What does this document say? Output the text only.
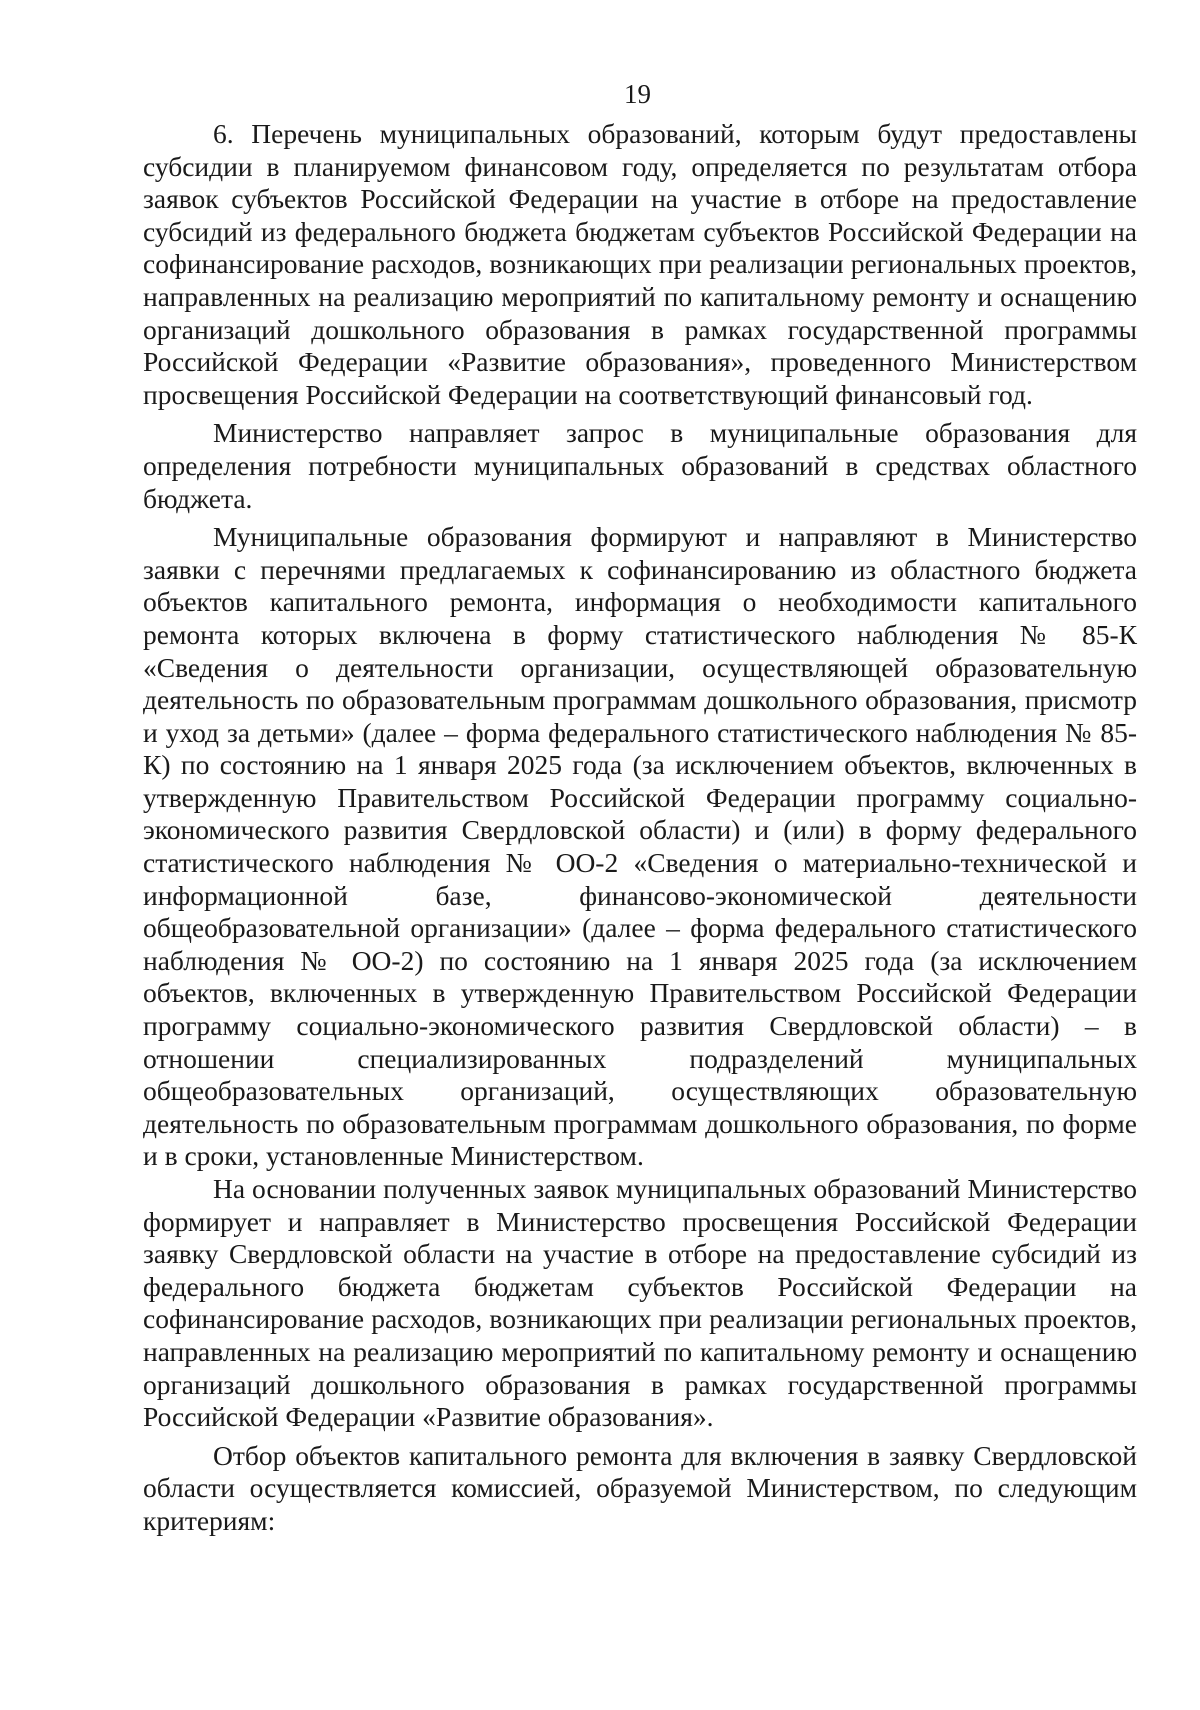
19

6. Перечень муниципальных образований, которым будут предоставлены субсидии в планируемом финансовом году, определяется по результатам отбора заявок субъектов Российской Федерации на участие в отборе на предоставление субсидий из федерального бюджета бюджетам субъектов Российской Федерации на софинансирование расходов, возникающих при реализации региональных проектов, направленных на реализацию мероприятий по капитальному ремонту и оснащению организаций дошкольного образования в рамках государственной программы Российской Федерации «Развитие образования», проведенного Министерством просвещения Российской Федерации на соответствующий финансовый год.

Министерство направляет запрос в муниципальные образования для определения потребности муниципальных образований в средствах областного бюджета.

Муниципальные образования формируют и направляют в Министерство заявки с перечнями предлагаемых к софинансированию из областного бюджета объектов капитального ремонта, информация о необходимости капитального ремонта которых включена в форму статистического наблюдения № 85-К «Сведения о деятельности организации, осуществляющей образовательную деятельность по образовательным программам дошкольного образования, присмотр и уход за детьми» (далее – форма федерального статистического наблюдения № 85-К) по состоянию на 1 января 2025 года (за исключением объектов, включенных в утвержденную Правительством Российской Федерации программу социально-экономического развития Свердловской области) и (или) в форму федерального статистического наблюдения № ОО-2 «Сведения о материально-технической и информационной базе, финансово-экономической деятельности общеобразовательной организации» (далее – форма федерального статистического наблюдения № ОО-2) по состоянию на 1 января 2025 года (за исключением объектов, включенных в утвержденную Правительством Российской Федерации программу социально-экономического развития Свердловской области) – в отношении специализированных подразделений муниципальных общеобразовательных организаций, осуществляющих образовательную деятельность по образовательным программам дошкольного образования, по форме и в сроки, установленные Министерством.

На основании полученных заявок муниципальных образований Министерство формирует и направляет в Министерство просвещения Российской Федерации заявку Свердловской области на участие в отборе на предоставление субсидий из федерального бюджета бюджетам субъектов Российской Федерации на софинансирование расходов, возникающих при реализации региональных проектов, направленных на реализацию мероприятий по капитальному ремонту и оснащению организаций дошкольного образования в рамках государственной программы Российской Федерации «Развитие образования».

Отбор объектов капитального ремонта для включения в заявку Свердловской области осуществляется комиссией, образуемой Министерством, по следующим критериям:
